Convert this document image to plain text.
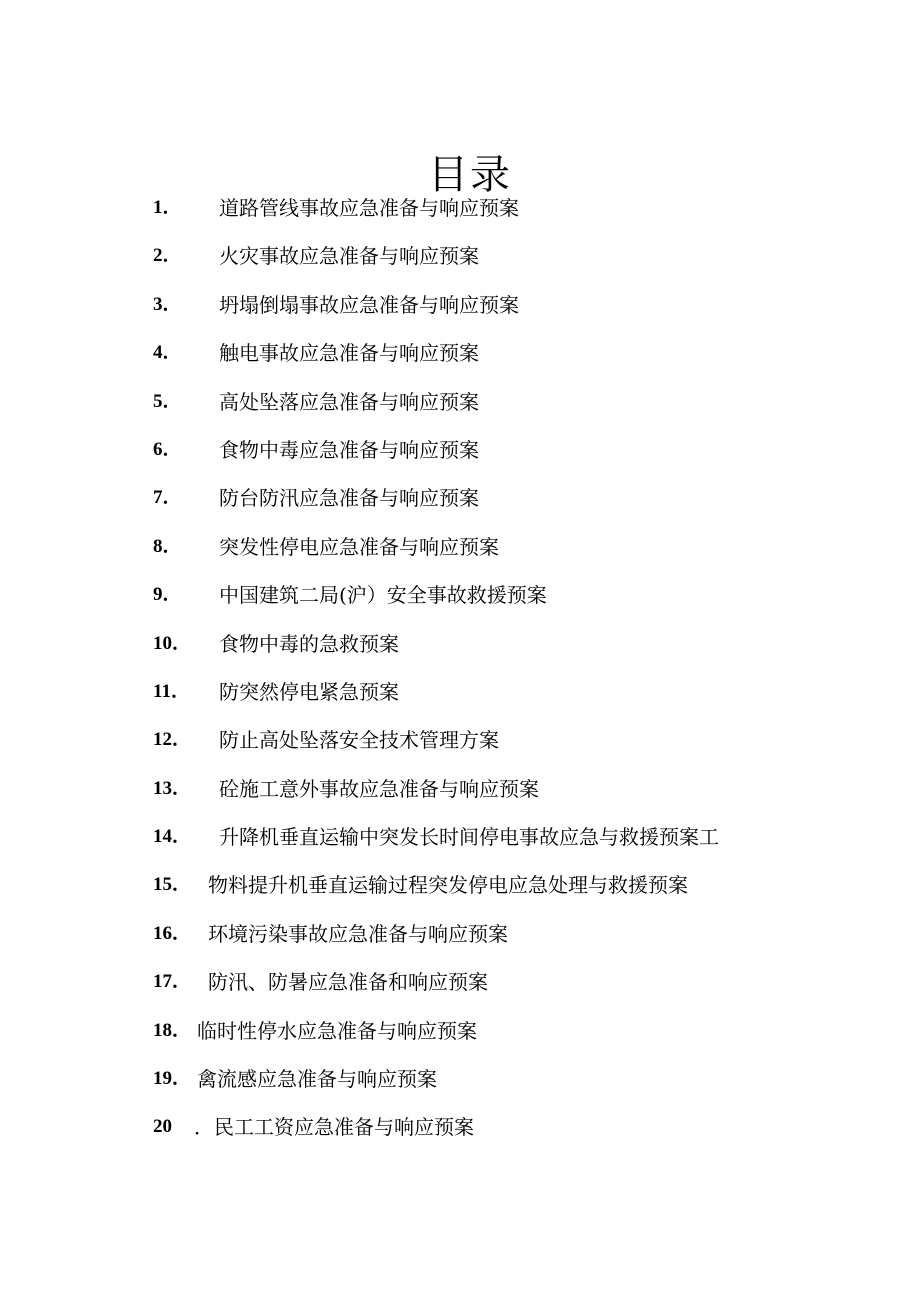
目录
1． 道路管线事故应急准备与响应预案
2． 火灾事故应急准备与响应预案
3． 坍塌倒塌事故应急准备与响应预案
4． 触电事故应急准备与响应预案
5． 高处坠落应急准备与响应预案
6． 食物中毒应急准备与响应预案
7． 防台防汛应急准备与响应预案
8． 突发性停电应急准备与响应预案
9． 中国建筑二局(沪）安全事故救援预案
10． 食物中毒的急救预案
11． 防突然停电紧急预案
12． 防止高处坠落安全技术管理方案
13． 砼施工意外事故应急准备与响应预案
14． 升降机垂直运输中突发长时间停电事故应急与救援预案工
15． 物料提升机垂直运输过程突发停电应急处理与救援预案
16． 环境污染事故应急准备与响应预案
17． 防汛、防暑应急准备和响应预案
18． 临时性停水应急准备与响应预案
19． 禽流感应急准备与响应预案
20 ．民工工资应急准备与响应预案
